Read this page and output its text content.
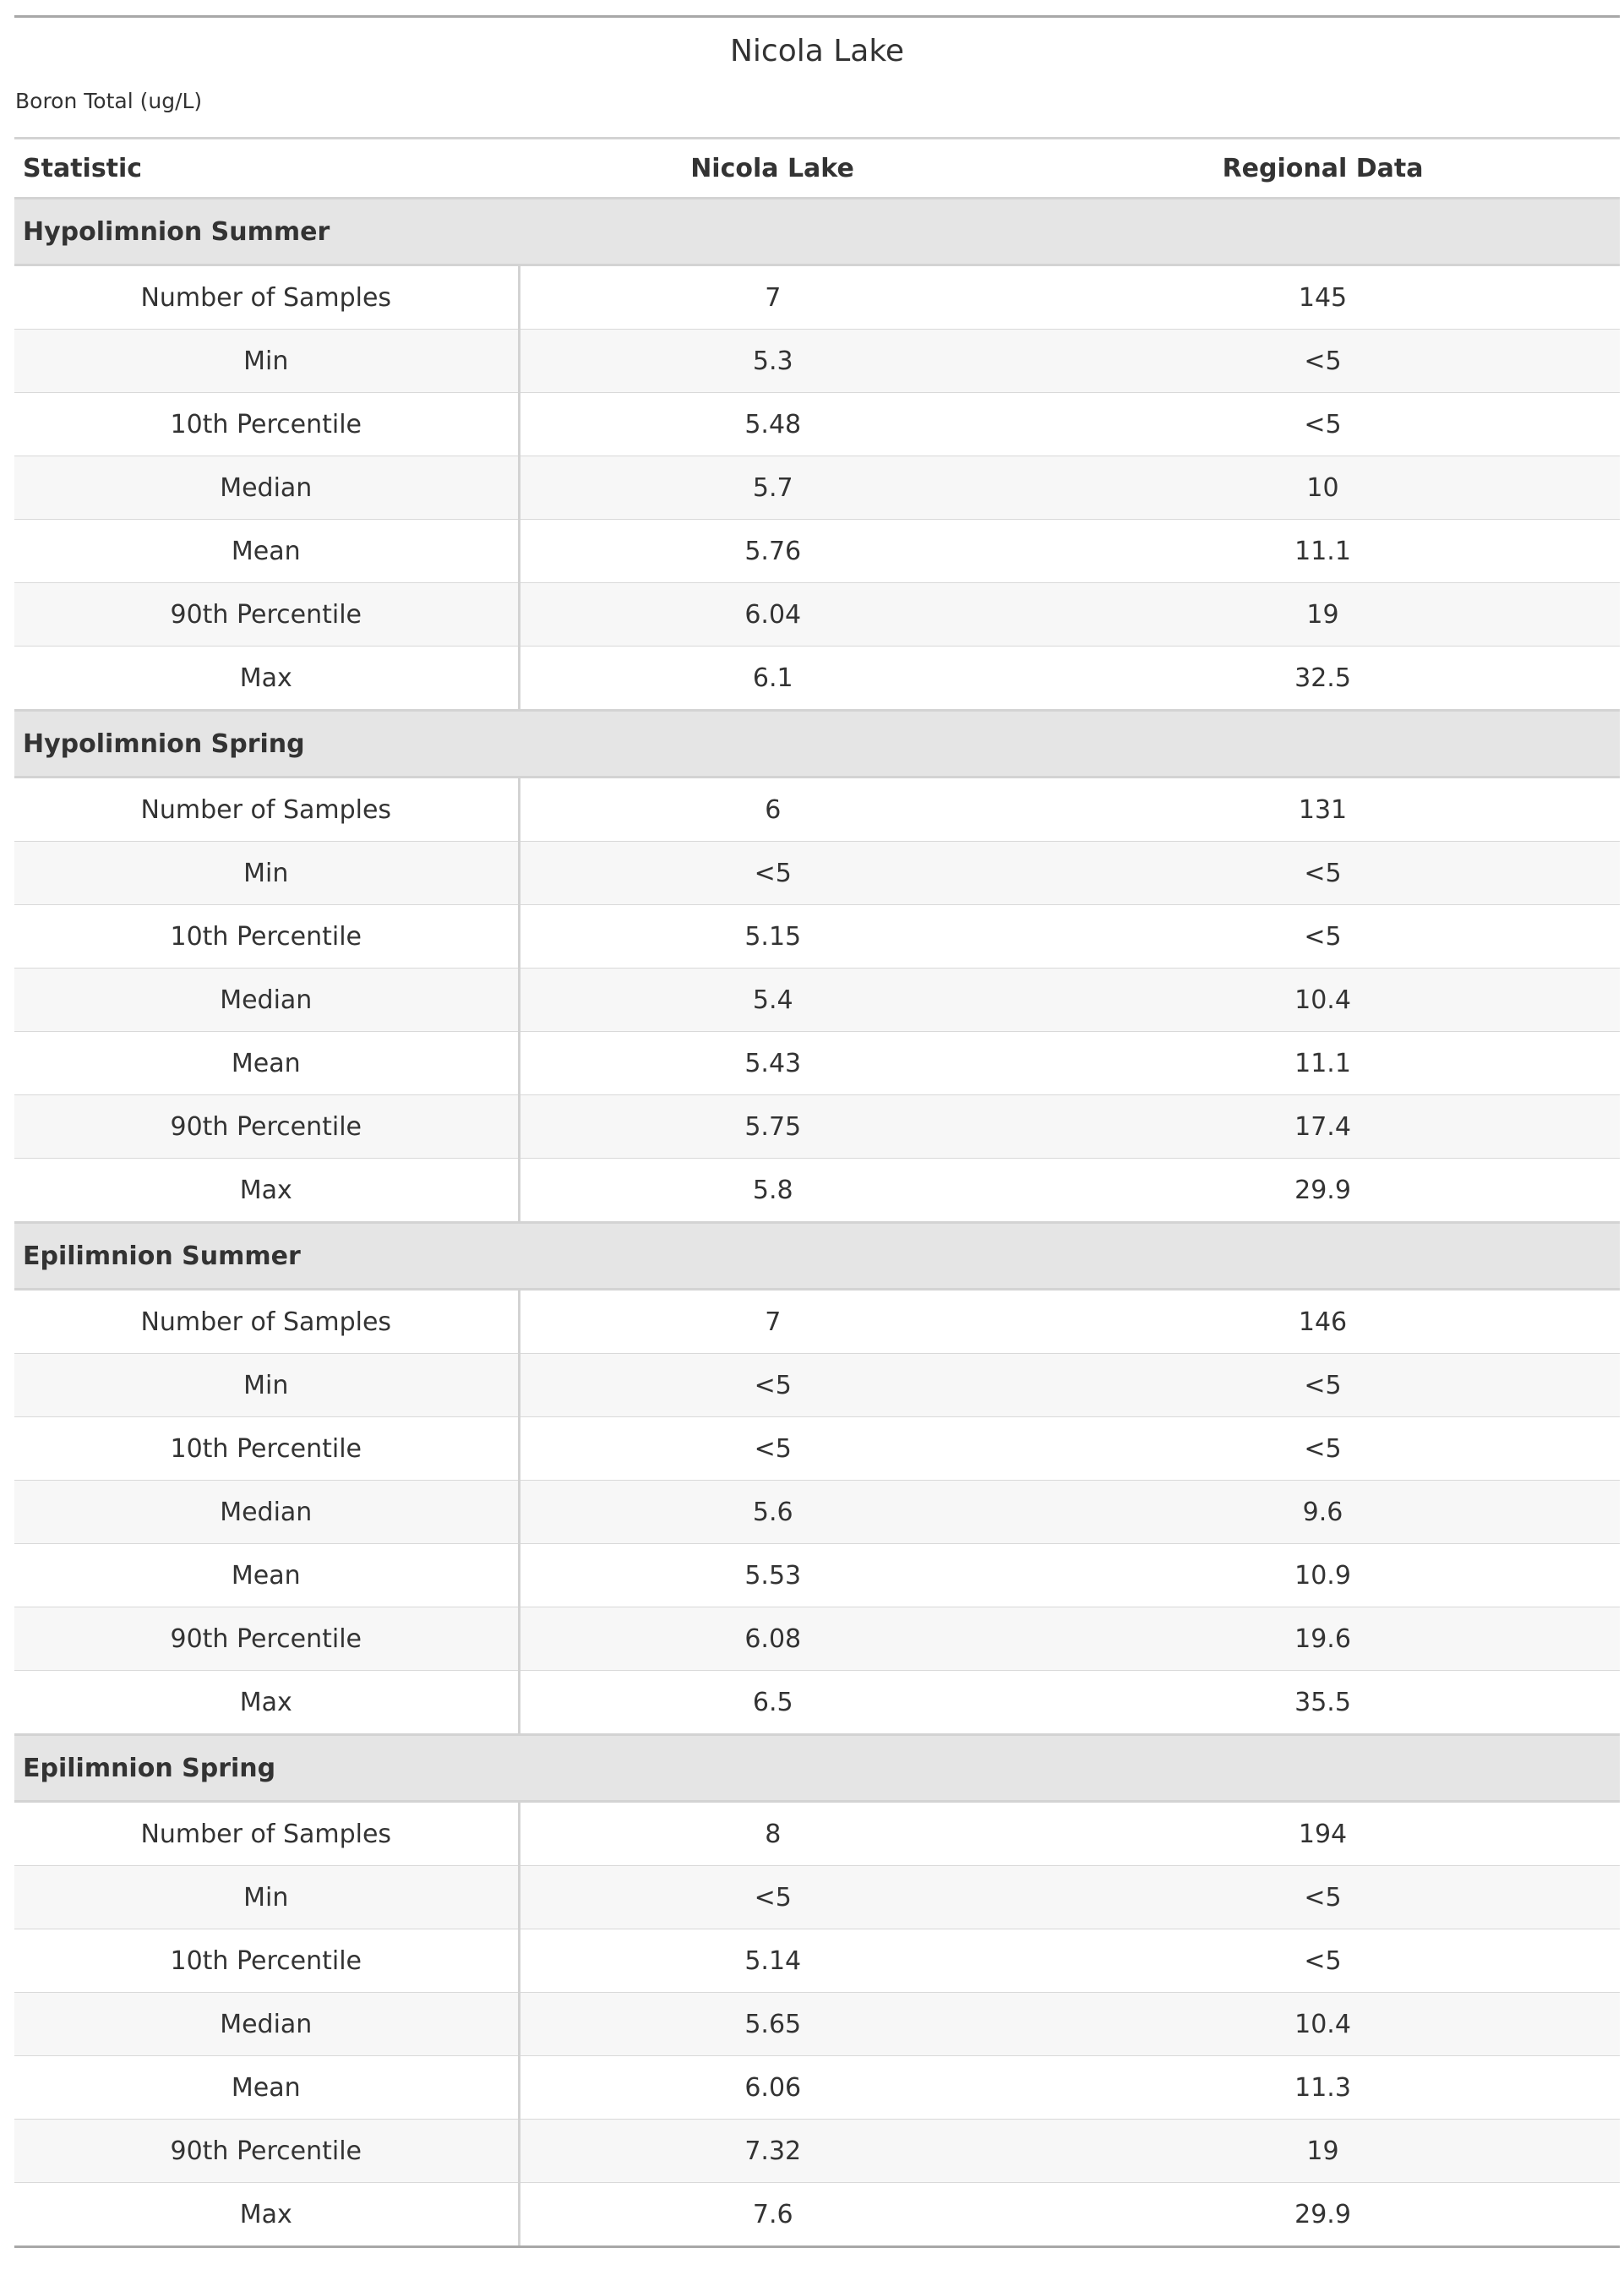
Nicola Lake		
Boron Total (ug/L)		
Statistic	Nicola Lake	Regional Data
Hypolimnion Summer		
Number of Samples	7	145
Min	5.3	<5
10th Percentile	5.48	<5
Median	5.7	10
Mean	5.76	11.1
90th Percentile	6.04	19
Max	6.1	32.5
Hypolimnion Spring		
Number of Samples	6	131
Min	<5	<5
10th Percentile	5.15	<5
Median	5.4	10.4
Mean	5.43	11.1
90th Percentile	5.75	17.4
Max	5.8	29.9
Epilimnion Summer		
Number of Samples	7	146
Min	<5	<5
10th Percentile	<5	<5
Median	5.6	9.6
Mean	5.53	10.9
90th Percentile	6.08	19.6
Max	6.5	35.5
Epilimnion Spring		
Number of Samples	8	194
Min	<5	<5
10th Percentile	5.14	<5
Median	5.65	10.4
Mean	6.06	11.3
90th Percentile	7.32	19
Max	7.6	29.9
